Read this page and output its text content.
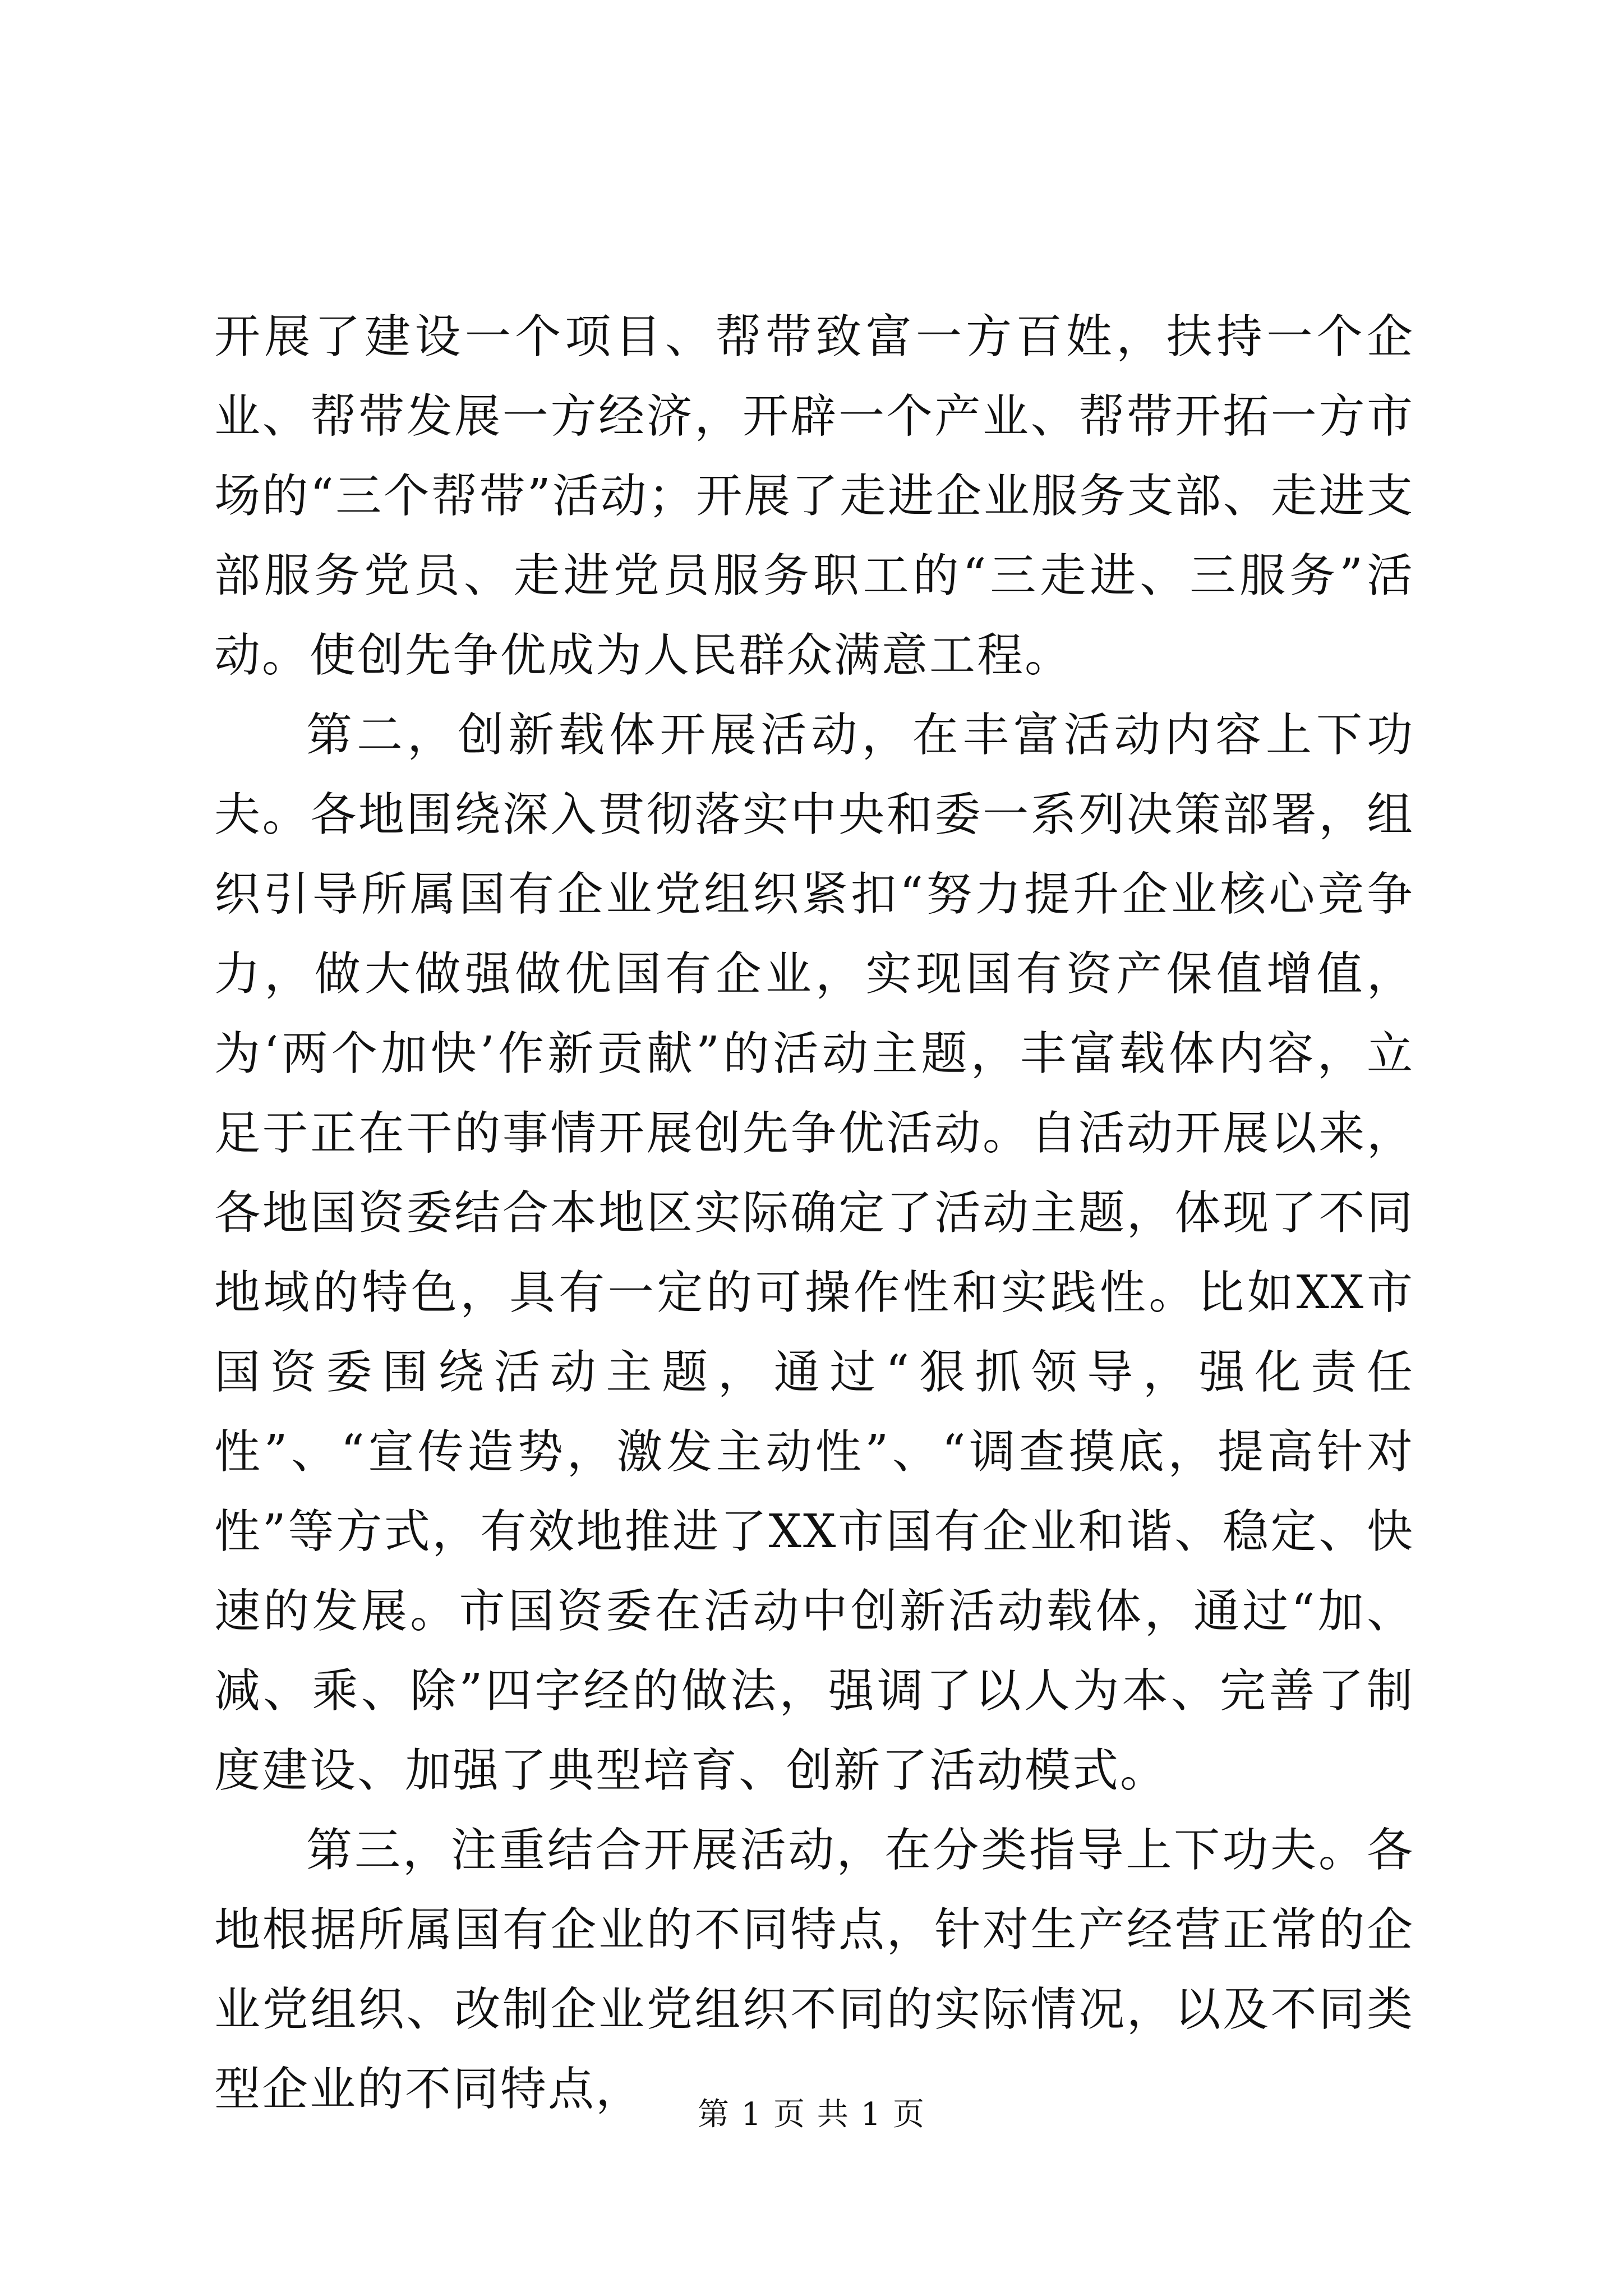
开展了建设一个项目、帮带致富一方百姓，扶持一个企业、帮带发展一方经济，开辟一个产业、帮带开拓一方市场的“三个帮带”活动；开展了走进企业服务支部、走进支部服务党员、走进党员服务职工的“三走进、三服务”活动。使创先争优成为人民群众满意工程。

第二，创新载体开展活动，在丰富活动内容上下功夫。各地围绕深入贯彻落实中央和委一系列决策部署，组织引导所属国有企业党组织紧扣“努力提升企业核心竞争力，做大做强做优国有企业，实现国有资产保值增值，为‘两个加快’作新贡献”的活动主题，丰富载体内容，立足于正在干的事情开展创先争优活动。自活动开展以来，各地国资委结合本地区实际确定了活动主题，体现了不同地域的特色，具有一定的可操作性和实践性。比如XX市国资委围绕活动主题，通过“狠抓领导，强化责任性”、“宣传造势，激发主动性”、“调查摸底，提高针对性”等方式，有效地推进了XX市国有企业和谐、稳定、快速的发展。市国资委在活动中创新活动载体，通过“加、减、乘、除”四字经的做法，强调了以人为本、完善了制度建设、加强了典型培育、创新了活动模式。

第三，注重结合开展活动，在分类指导上下功夫。各地根据所属国有企业的不同特点，针对生产经营正常的企业党组织、改制企业党组织不同的实际情况，以及不同类型企业的不同特点，	第 1 页 共 1 页
